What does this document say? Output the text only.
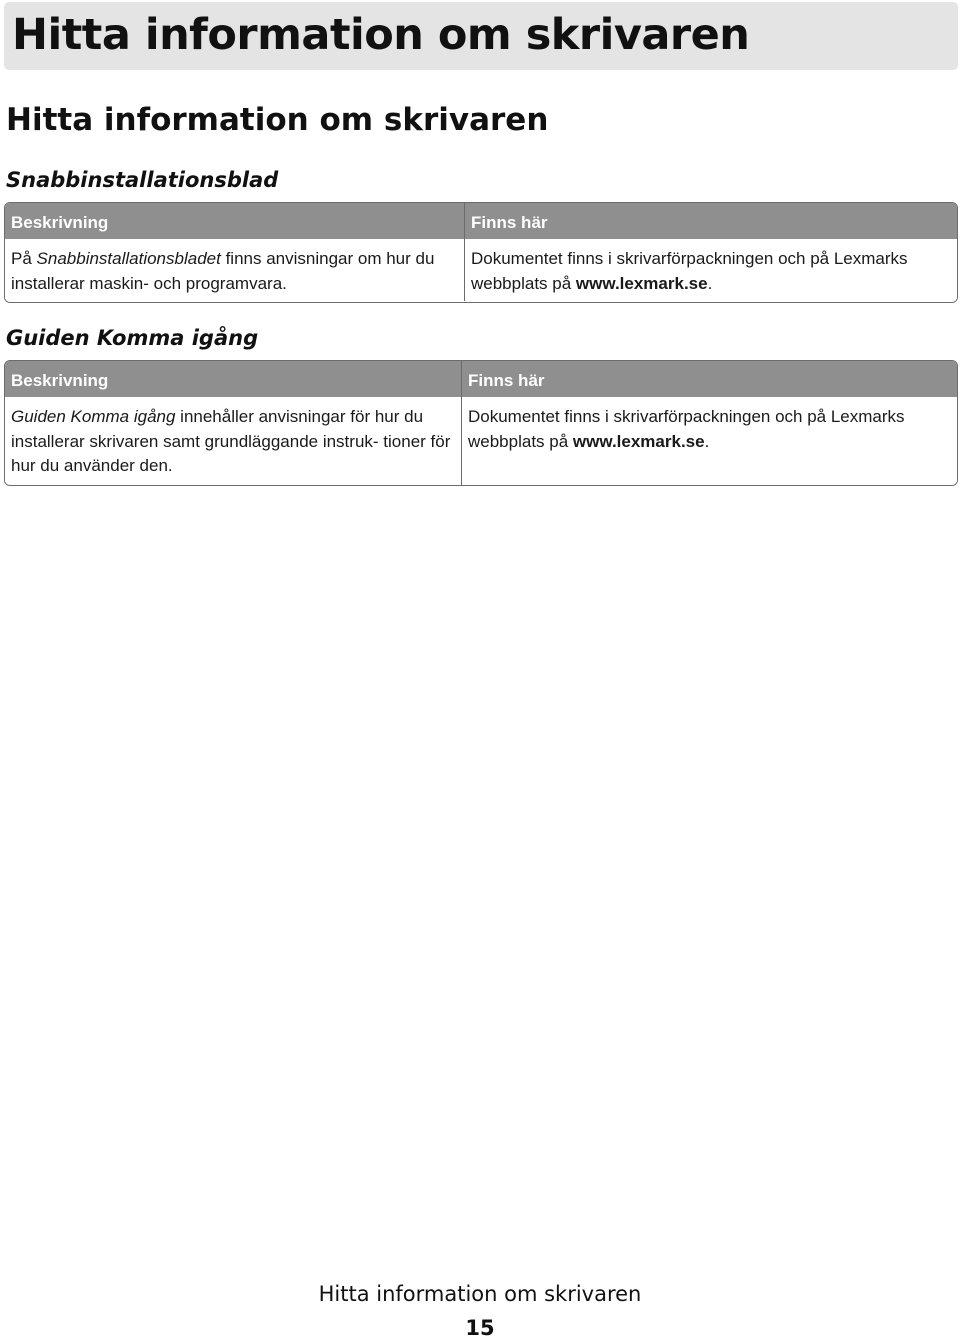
Hitta information om skrivaren
Hitta information om skrivaren
Snabbinstallationsblad
Beskrivning	Finns här
På Snabbinstallationsbladet finns anvisningar om hur du installerar maskin- och programvara.
Dokumentet finns i skrivarförpackningen och på Lexmarks webbplats på www.lexmark.se.
Guiden Komma igång
Beskrivning	Finns här
Guiden Komma igång innehåller anvisningar för hur du installerar skrivaren samt grundläggande instruk- tioner för hur du använder den.
Dokumentet finns i skrivarförpackningen och på Lexmarks webbplats på www.lexmark.se.
Hitta information om skrivaren
15
